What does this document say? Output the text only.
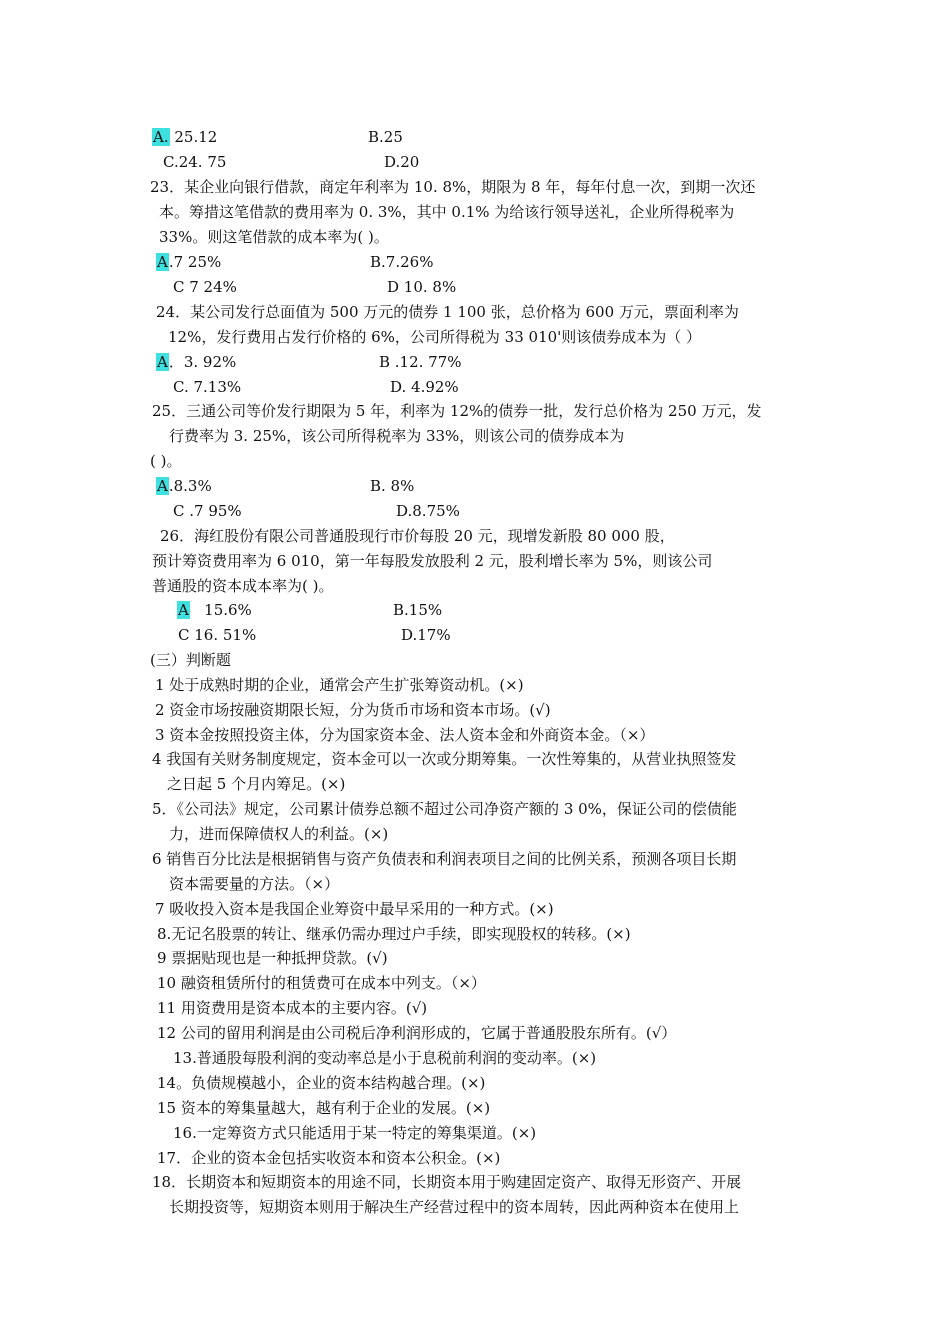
A. 25.12	B.25
C.24. 75	D.20
23．某企业向银行借款，商定年利率为 10. 8%，期限为 8 年，每年付息一次，到期一次还
本。筹措这笔借款的费用率为 0. 3%，其中 0.1% 为给该行领导送礼，企业所得税率为
33%。则这笔借款的成本率为( )。
A.7 25%	B.7.26%
C 7 24%	D 10. 8%
24．某公司发行总面值为 500 万元的债券 1 100 张，总价格为 600 万元，票面利率为
12%，发行费用占发行价格的 6%，公司所得税为 33 010'则该债券成本为（ ）
A．3. 92%	B .12. 77%
C. 7.13%	D. 4.92%
25．三通公司等价发行期限为 5 年，利率为 12%的债券一批，发行总价格为 250 万元，发
行费率为 3. 25%，该公司所得税率为 33%，则该公司的债券成本为
( )。
A.8.3%	B. 8%
C .7 95%	D.8.75%
26．海红股份有限公司普通股现行市价每股 20 元，现增发新股 80 000 股，
预计筹资费用率为 6 010，第一年每股发放股利 2 元，股利增长率为 5%，则该公司
普通股的资本成本率为( )。
A 15.6%	B.15%
C 16. 51%	D.17%
(三）判断题
1 处于成熟时期的企业，通常会产生扩张筹资动机。(×)
2 资金市场按融资期限长短，分为货币市场和资本市场。(√)
3 资本金按照投资主体，分为国家资本金、法人资本金和外商资本金。（×）
4 我国有关财务制度规定，资本金可以一次或分期筹集。一次性筹集的，从营业执照签发
之日起 5 个月内筹足。(×)
5．《公司法》规定，公司累计债券总额不超过公司净资产额的 3 0%，保证公司的偿债能
力，进而保障债权人的利益。(×)
6 销售百分比法是根据销售与资产负债表和利润表项目之间的比例关系，预测各项目长期
资本需要量的方法。（×）
7 吸收投入资本是我国企业筹资中最早采用的一种方式。(×)
8.无记名股票的转让、继承仍需办理过户手续，即实现股权的转移。(×)
9 票据贴现也是一种抵押贷款。(√)
10 融资租赁所付的租赁费可在成本中列支。（×）
11 用资费用是资本成本的主要内容。(√)
12 公司的留用利润是由公司税后净利润形成的，它属于普通股股东所有。(√）
13.普通股每股利润的变动率总是小于息税前利润的变动率。(×)
14。负债规模越小，企业的资本结构越合理。(×)
15 资本的筹集量越大，越有利于企业的发展。(×)
16.一定筹资方式只能适用于某一特定的筹集渠道。(×)
17．企业的资本金包括实收资本和资本公积金。(×)
18．长期资本和短期资本的用途不同，长期资本用于购建固定资产、取得无形资产、开展
长期投资等，短期资本则用于解决生产经营过程中的资本周转，因此两种资本在使用上
